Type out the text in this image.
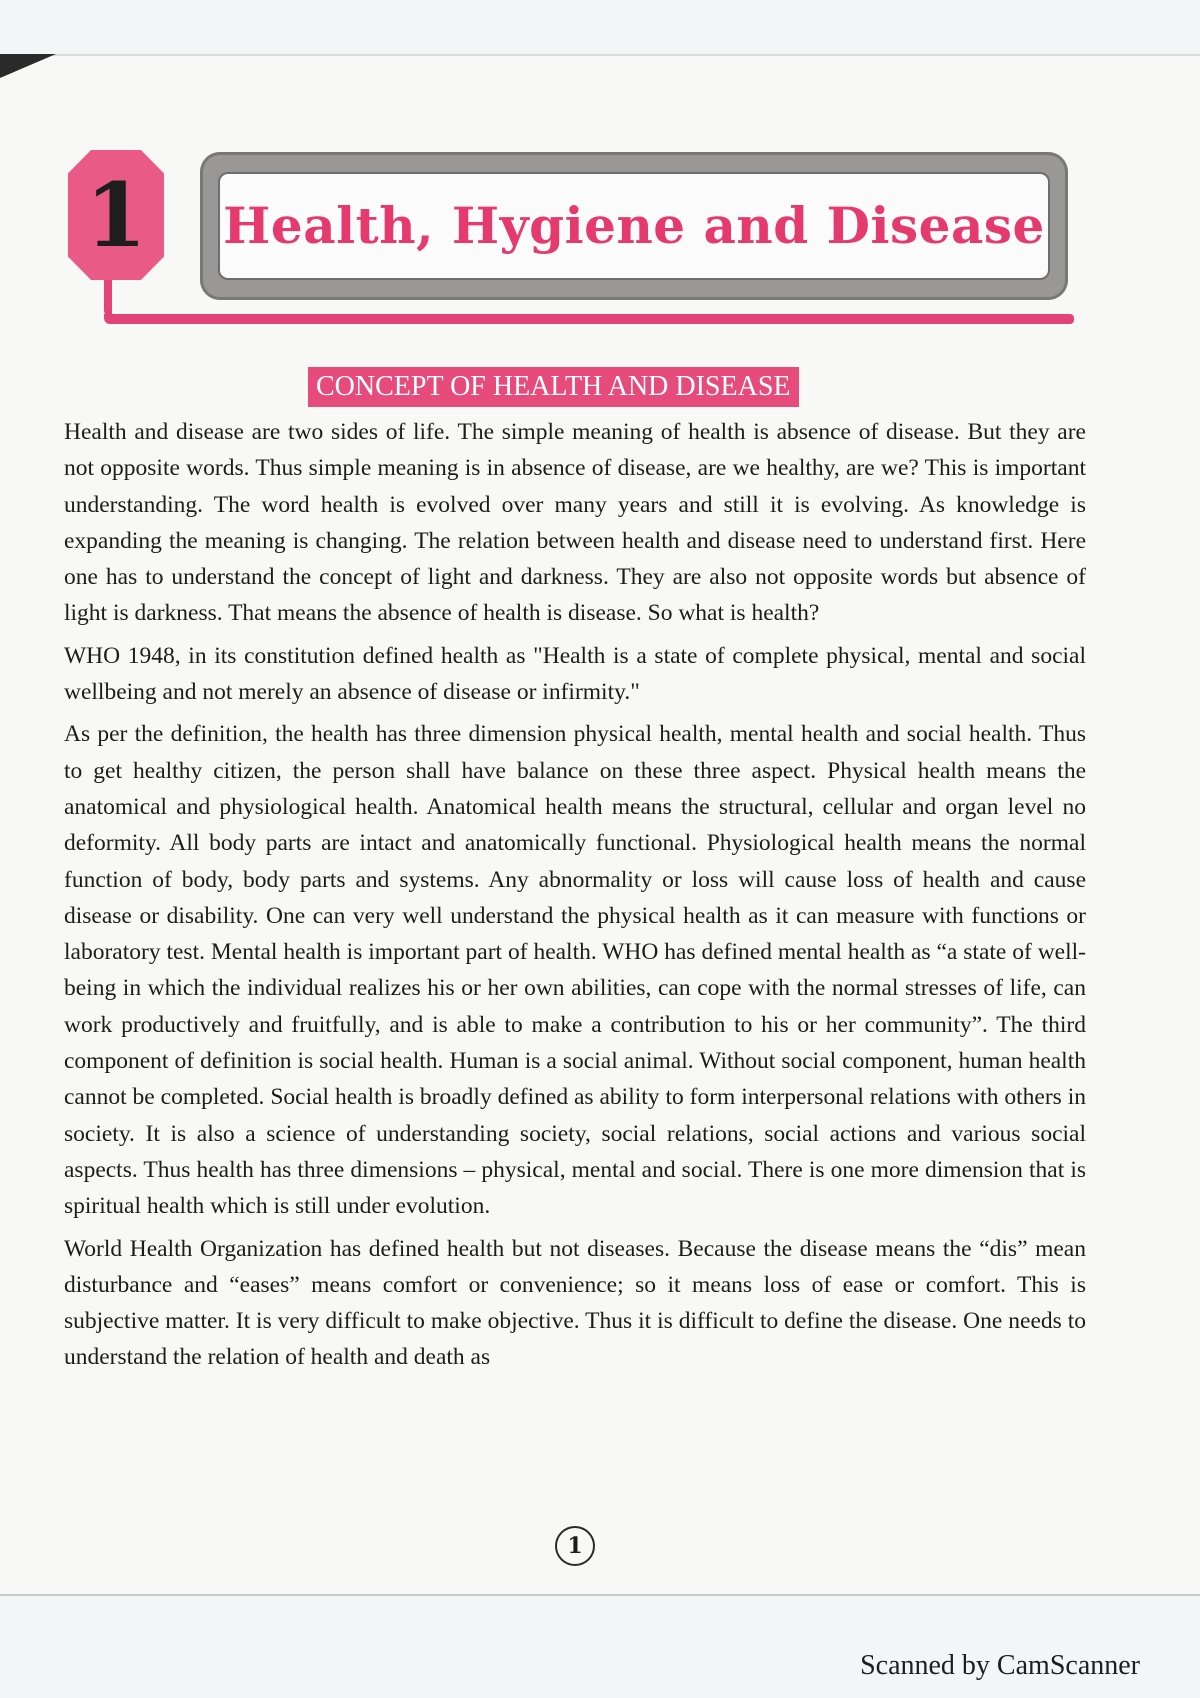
1	Health, Hygiene and Disease
CONCEPT OF HEALTH AND DISEASE

Health and disease are two sides of life. The simple meaning of health is absence of disease. But they are not opposite words. Thus simple meaning is in absence of disease, are we healthy, are we? This is important understanding. The word health is evolved over many years and still it is evolving. As knowledge is expanding the meaning is changing. The relation between health and disease need to understand first. Here one has to understand the concept of light and darkness. They are also not opposite words but absence of light is darkness. That means the absence of health is disease. So what is health?

WHO 1948, in its constitution defined health as "Health is a state of complete physical, mental and social wellbeing and not merely an absence of disease or infirmity."

As per the definition, the health has three dimension physical health, mental health and social health. Thus to get healthy citizen, the person shall have balance on these three aspect. Physical health means the anatomical and physiological health. Anatomical health means the structural, cellular and organ level no deformity. All body parts are intact and anatomically functional. Physiological health means the normal function of body, body parts and systems. Any abnormality or loss will cause loss of health and cause disease or disability. One can very well understand the physical health as it can measure with functions or laboratory test. Mental health is important part of health. WHO has defined mental health as “a state of well-being in which the individual realizes his or her own abilities, can cope with the normal stresses of life, can work productively and fruitfully, and is able to make a contribution to his or her community”. The third component of definition is social health. Human is a social animal. Without social component, human health cannot be completed. Social health is broadly defined as ability to form interpersonal relations with others in society. It is also a science of understanding society, social relations, social actions and various social aspects. Thus health has three dimensions – physical, mental and social. There is one more dimension that is spiritual health which is still under evolution.

World Health Organization has defined health but not diseases. Because the disease means the “dis” mean disturbance and “eases” means comfort or convenience; so it means loss of ease or comfort. This is subjective matter. It is very difficult to make objective. Thus it is difficult to define the disease. One needs to understand the relation of health and death as

1
Scanned by CamScanner
